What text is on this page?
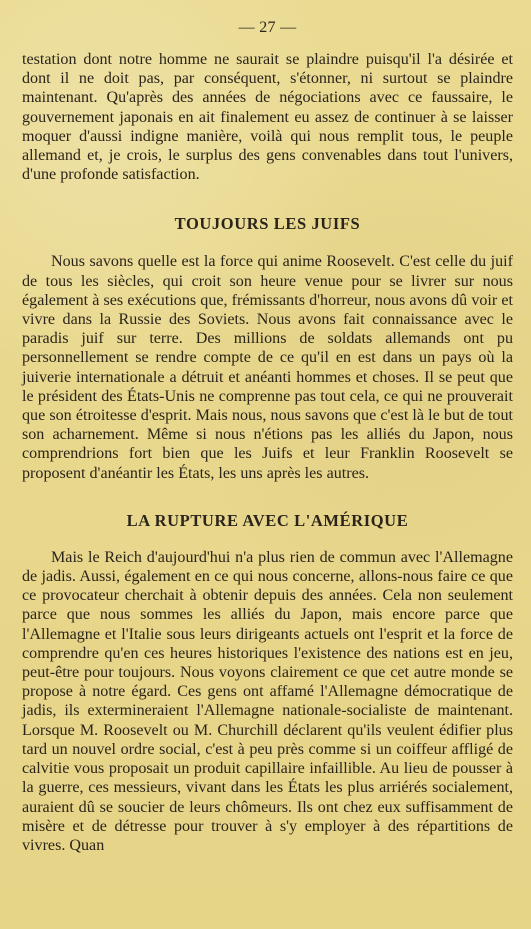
— 27 —

testation dont notre homme ne saurait se plaindre puisqu'il l'a désirée et dont il ne doit pas, par conséquent, s'étonner, ni surtout se plaindre maintenant. Qu'après des années de négociations avec ce faussaire, le gouvernement japonais en ait finalement eu assez de continuer à se laisser moquer d'aussi indigne manière, voilà qui nous remplit tous, le peuple allemand et, je crois, le surplus des gens convenables dans tout l'univers, d'une profonde satisfaction.

TOUJOURS LES JUIFS

Nous savons quelle est la force qui anime Roosevelt. C'est celle du juif de tous les siècles, qui croit son heure venue pour se livrer sur nous également à ses exécutions que, frémissants d'horreur, nous avons dû voir et vivre dans la Russie des Soviets. Nous avons fait connaissance avec le paradis juif sur terre. Des millions de soldats allemands ont pu personnellement se rendre compte de ce qu'il en est dans un pays où la juiverie internationale a détruit et anéanti hommes et choses. Il se peut que le président des États-Unis ne comprenne pas tout cela, ce qui ne prouverait que son étroitesse d'esprit. Mais nous, nous savons que c'est là le but de tout son acharnement. Même si nous n'étions pas les alliés du Japon, nous comprendrions fort bien que les Juifs et leur Franklin Roosevelt se proposent d'anéantir les États, les uns après les autres.

LA RUPTURE AVEC L'AMÉRIQUE

Mais le Reich d'aujourd'hui n'a plus rien de commun avec l'Allemagne de jadis. Aussi, également en ce qui nous concerne, allons-nous faire ce que ce provocateur cherchait à obtenir depuis des années. Cela non seulement parce que nous sommes les alliés du Japon, mais encore parce que l'Allemagne et l'Italie sous leurs dirigeants actuels ont l'esprit et la force de comprendre qu'en ces heures historiques l'existence des nations est en jeu, peut-être pour toujours. Nous voyons clairement ce que cet autre monde se propose à notre égard. Ces gens ont affamé l'Allemagne démocratique de jadis, ils extermineraient l'Allemagne nationale-socialiste de maintenant. Lorsque M. Roosevelt ou M. Churchill déclarent qu'ils veulent édifier plus tard un nouvel ordre social, c'est à peu près comme si un coiffeur affligé de calvitie vous proposait un produit capillaire infaillible. Au lieu de pousser à la guerre, ces messieurs, vivant dans les États les plus arriérés socialement, auraient dû se soucier de leurs chômeurs. Ils ont chez eux suffisamment de misère et de détresse pour trouver à s'y employer à des répartitions de vivres. Quan
